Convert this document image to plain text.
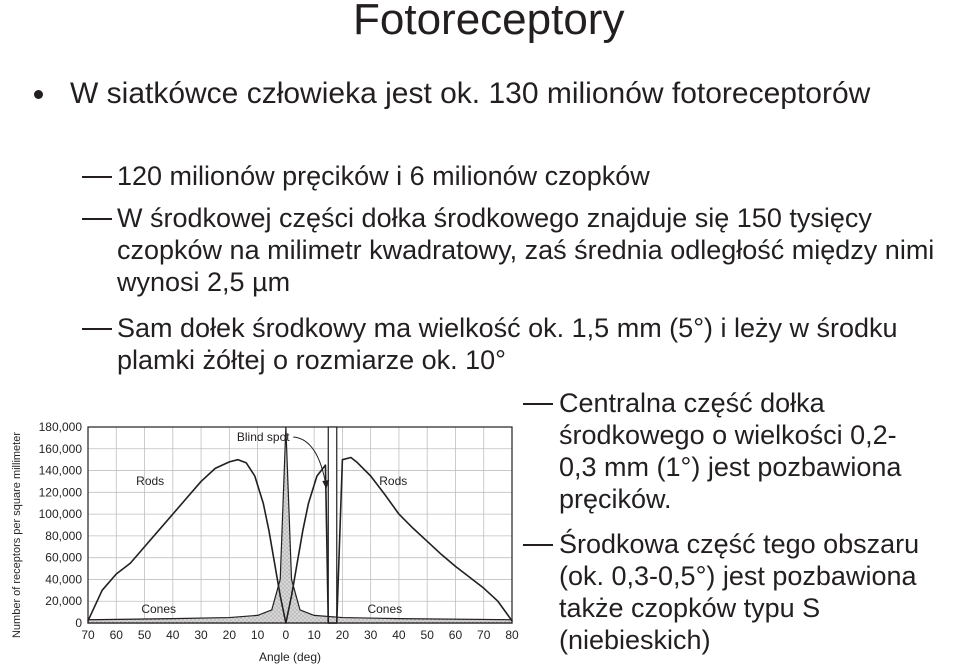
Fotoreceptory

W siatkówce człowieka jest ok. 130 milionów fotoreceptorów

120 milionów pręcików i 6 milionów czopków

W środkowej części dołka środkowego znajduje się 150 tysięcy czopków na milimetr kwadratowy, zaś średnia odległość między nimi wynosi 2,5 µm

Sam dołek środkowy ma wielkość ok. 1,5 mm (5°) i leży w środku plamki żółtej o rozmiarze ok. 10°

Centralna część dołka środkowego o wielkości 0,2-0,3 mm (1°) jest pozbawiona pręcików.

Środkowa część tego obszaru (ok. 0,3-0,5°) jest pozbawiona także czopków typu S (niebieskich)

0
20,000
40,000
60,000
80,000
100,000
120,000
140,000
160,000
180,000
70 60 50 40 30 20 10 0 10 20 30 40 50 60 70 80
Number of receptors per square millimeter
Angle (deg)
Blind spot
Rods	Rods
Cones	Cones
